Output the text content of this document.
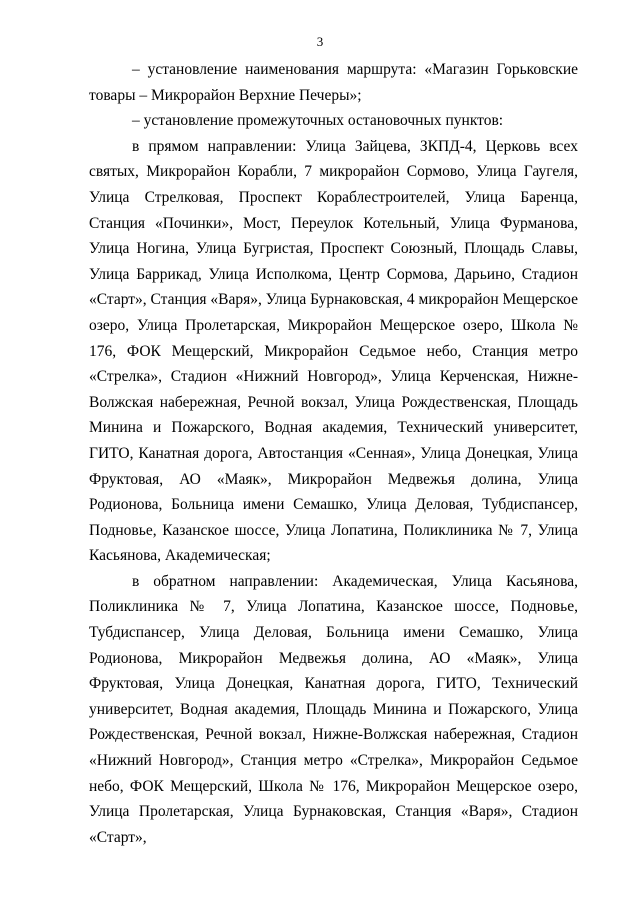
3

– установление наименования маршрута: «Магазин Горьковские товары – Микрорайон Верхние Печеры»;

– установление промежуточных остановочных пунктов:

в прямом направлении: Улица Зайцева, ЗКПД-4, Церковь всех святых, Микрорайон Корабли, 7 микрорайон Сормово, Улица Гаугеля, Улица Стрелковая, Проспект Кораблестроителей, Улица Баренца, Станция «Починки», Мост, Переулок Котельный, Улица Фурманова, Улица Ногина, Улица Бугристая, Проспект Союзный, Площадь Славы, Улица Баррикад, Улица Исполкома, Центр Сормова, Дарьино, Стадион «Старт», Станция «Варя», Улица Бурнаковская, 4 микрорайон Мещерское озеро, Улица Пролетарская, Микрорайон Мещерское озеро, Школа № 176, ФОК Мещерский, Микрорайон Седьмое небо, Станция метро «Стрелка», Стадион «Нижний Новгород», Улица Керченская, Нижне-Волжская набережная, Речной вокзал, Улица Рождественская, Площадь Минина и Пожарского, Водная академия, Технический университет, ГИТО, Канатная дорога, Автостанция «Сенная», Улица Донецкая, Улица Фруктовая, АО «Маяк», Микрорайон Медвежья долина, Улица Родионова, Больница имени Семашко, Улица Деловая, Тубдиспансер, Подновье, Казанское шоссе, Улица Лопатина, Поликлиника № 7, Улица Касьянова, Академическая;

в обратном направлении: Академическая, Улица Касьянова, Поликлиника № 7, Улица Лопатина, Казанское шоссе, Подновье, Тубдиспансер, Улица Деловая, Больница имени Семашко, Улица Родионова, Микрорайон Медвежья долина, АО «Маяк», Улица Фруктовая, Улица Донецкая, Канатная дорога, ГИТО, Технический университет, Водная академия, Площадь Минина и Пожарского, Улица Рождественская, Речной вокзал, Нижне-Волжская набережная, Стадион «Нижний Новгород», Станция метро «Стрелка», Микрорайон Седьмое небо, ФОК Мещерский, Школа № 176, Микрорайон Мещерское озеро, Улица Пролетарская, Улица Бурнаковская, Станция «Варя», Стадион «Старт»,
